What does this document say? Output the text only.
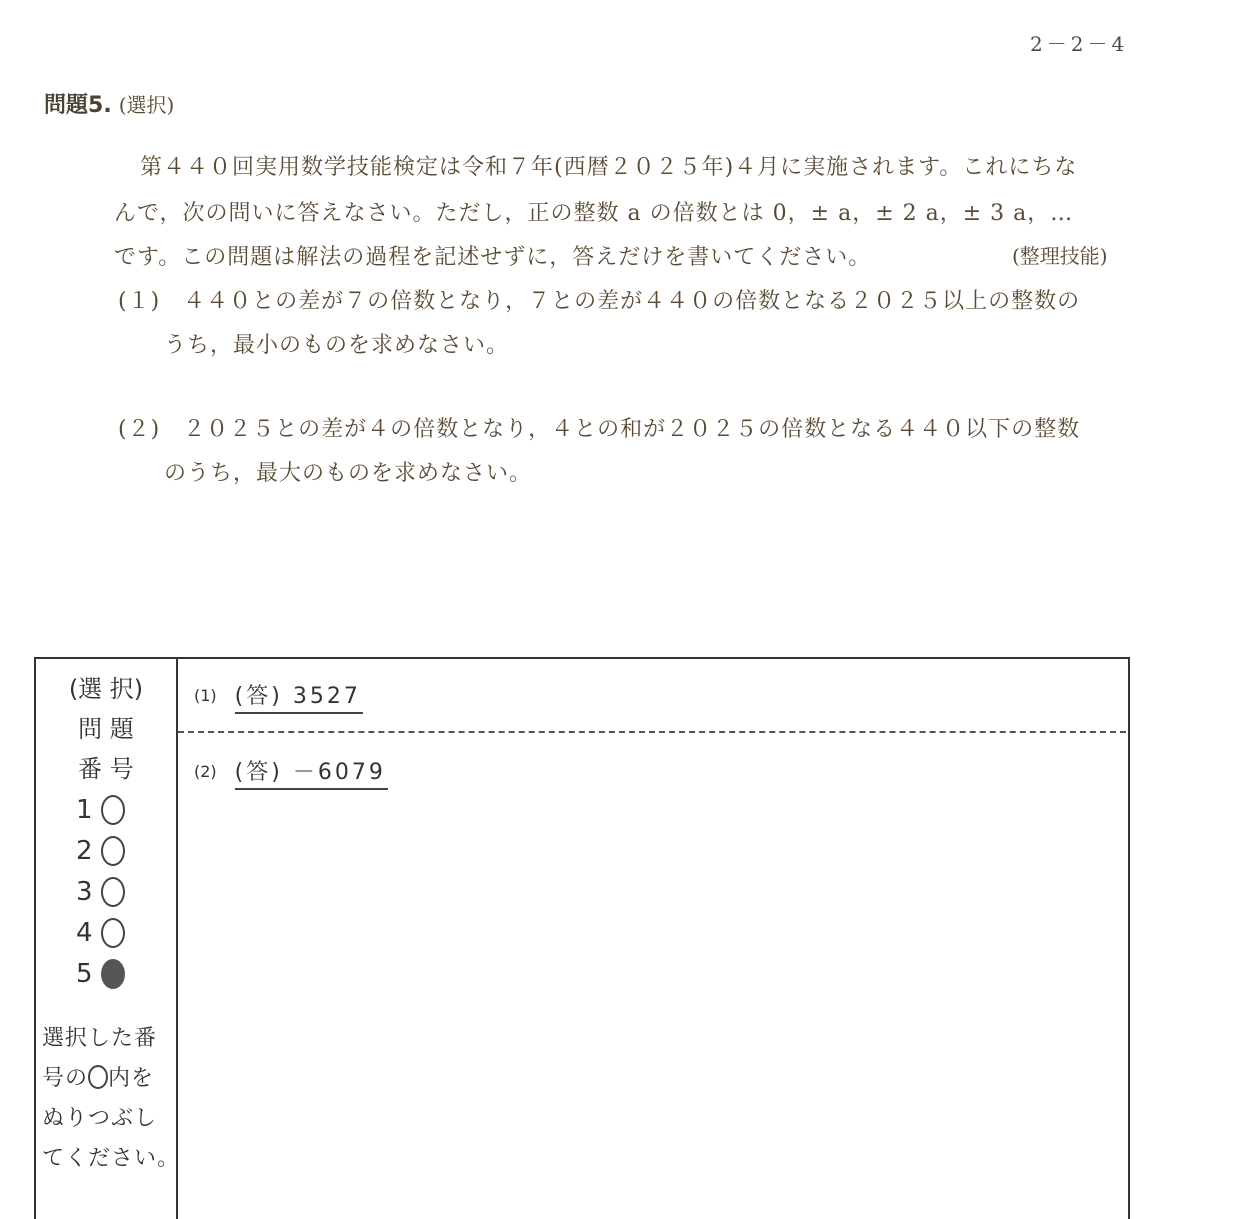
2－2－4
問題5. (選択)
第４４０回実用数学技能検定は令和７年(西暦２０２５年)４月に実施されます。これにちな
んで，次の問いに答えなさい。ただし，正の整数 a の倍数とは 0，± a，± 2 a，± 3 a，…
です。この問題は解法の過程を記述せずに，答えだけを書いてください。	(整理技能)
(１)　４４０との差が７の倍数となり，７との差が４４０の倍数となる２０２５以上の整数の
うち，最小のものを求めなさい。
(２)　２０２５との差が４の倍数となり，４との和が２０２５の倍数となる４４０以下の整数
のうち，最大のものを求めなさい。
(選 択)
問 題
番 号
1
2
3
4
5
選択した番
号の 内を
ぬりつぶし
てください。
(1) (答) 3527
(2) (答) －6079
